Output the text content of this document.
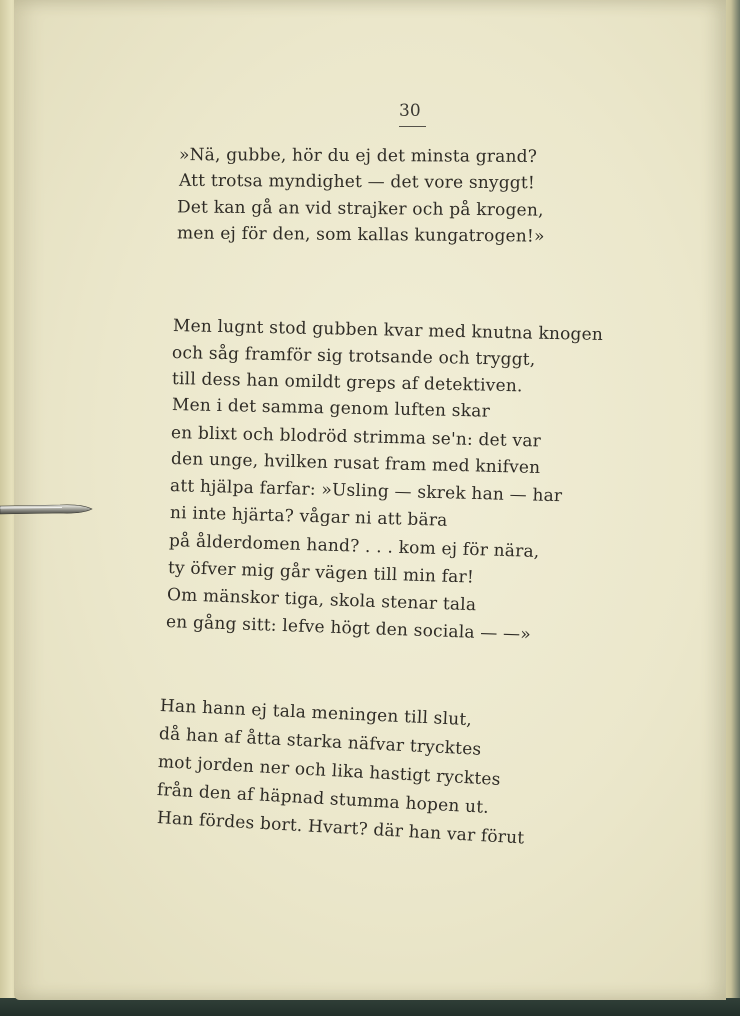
30
»Nä, gubbe, hör du ej det minsta grand?
Att trotsa myndighet — det vore snyggt!
Det kan gå an vid strajker och på krogen,
men ej för den, som kallas kungatrogen!»
Men lugnt stod gubben kvar med knutna knogen
och såg framför sig trotsande och tryggt,
till dess han omildt greps af detektiven.
Men i det samma genom luften skar
en blixt och blodröd strimma se'n: det var
den unge, hvilken rusat fram med knifven
att hjälpa farfar: »Usling — skrek han — har
ni inte hjärta? vågar ni att bära
på ålderdomen hand? . . . kom ej för nära,
ty öfver mig går vägen till min far!
Om mänskor tiga, skola stenar tala
en gång sitt: lefve högt den sociala — —»
Han hann ej tala meningen till slut,
då han af åtta starka näfvar trycktes
mot jorden ner och lika hastigt rycktes
från den af häpnad stumma hopen ut.
Han fördes bort. Hvart? där han var förut
